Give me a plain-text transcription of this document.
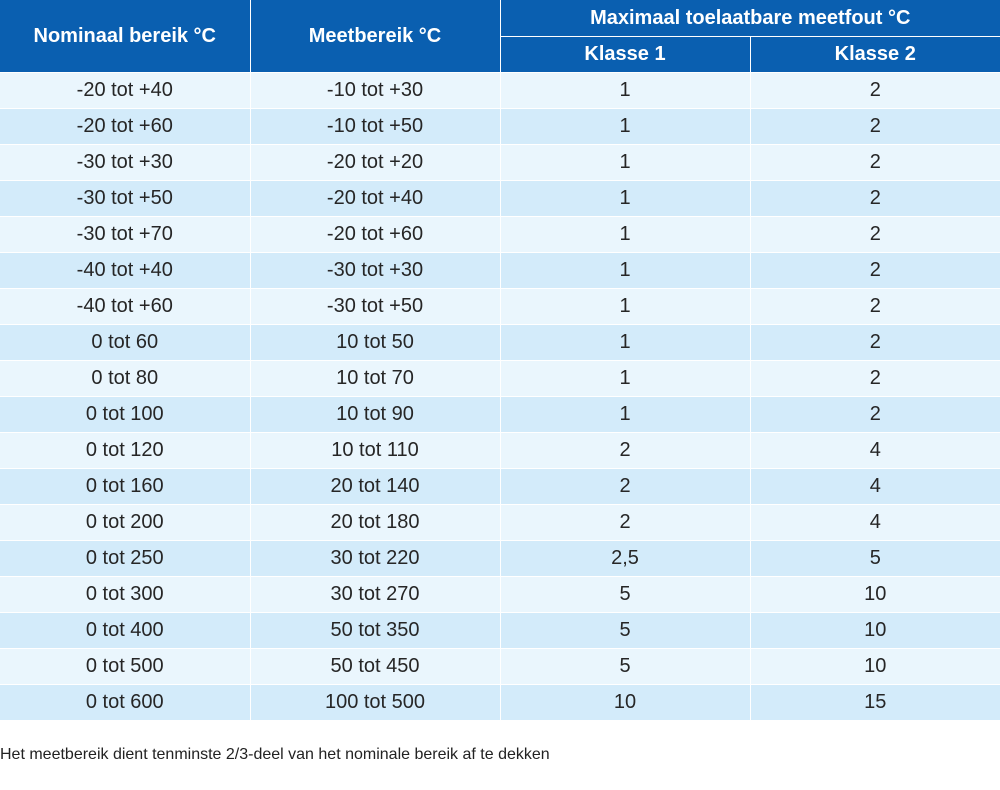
Nominaal bereik °C	Meetbereik °C	Maximaal toelaatbare meetfout °C	
		Klasse 1	Klasse 2
-20 tot +40	-10 tot +30	1	2
-20 tot +60	-10 tot +50	1	2
-30 tot +30	-20 tot +20	1	2
-30 tot +50	-20 tot +40	1	2
-30 tot +70	-20 tot +60	1	2
-40 tot +40	-30 tot +30	1	2
-40 tot +60	-30 tot +50	1	2
0 tot 60	10 tot 50	1	2
0 tot 80	10 tot 70	1	2
0 tot 100	10 tot 90	1	2
0 tot 120	10 tot 110	2	4
0 tot 160	20 tot 140	2	4
0 tot 200	20 tot 180	2	4
0 tot 250	30 tot 220	2,5	5
0 tot 300	30 tot 270	5	10
0 tot 400	50 tot 350	5	10
0 tot 500	50 tot 450	5	10
0 tot 600	100 tot 500	10	15
Het meetbereik dient tenminste 2/3-deel van het nominale bereik af te dekken
